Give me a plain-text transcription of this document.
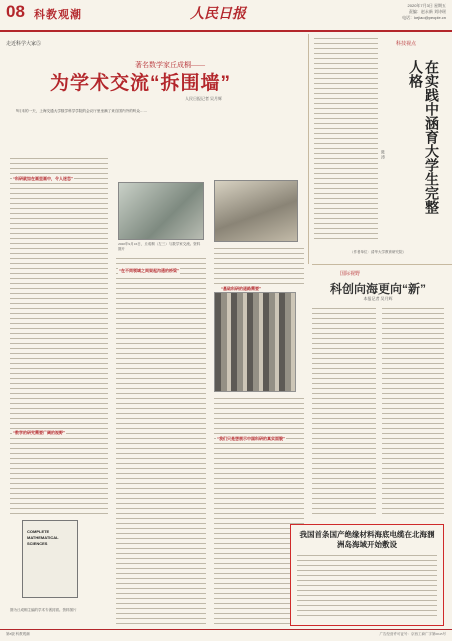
08 科教观潮	人民日报
2020年7月3日 星期五
责编：赵永新 刘诗瑶
电话：kejiao@people.cn
走近科学大家⑤
著名数学家丘成桐——
为学术交流“拆围墙”
人民日报记者 吴月辉
9月末的一天，上海交通大学数学科学学院的会议厅里坐满了来自国内外的听众……
“科研就如在画里画中，令人迷恋”
“数学的研究需要广阔的视野”
“在不同领域之间架起沟通的桥梁”
2020年9月16日，丘成桐（左三）与数学家交流。资料图片
“基础科研的道路需要”
“我们只是想展示中国科研的真实面貌”
COMPLETE MATHEMATICAL SCIENCES
图为丘成桐主编的学术专著封面。资料图片
科技视点
在实践中涵育大学生完整人格
陈 涛
（作者单位：清华大学教育研究院）
国际视野
科创向海更向“新”
本报记者 吴月辉
我国首条国产绝缘材料海底电缆在北海涠洲岛海域开始敷设
第8版 科教观潮	广告经营许可证号：京西工商广字第0045号
